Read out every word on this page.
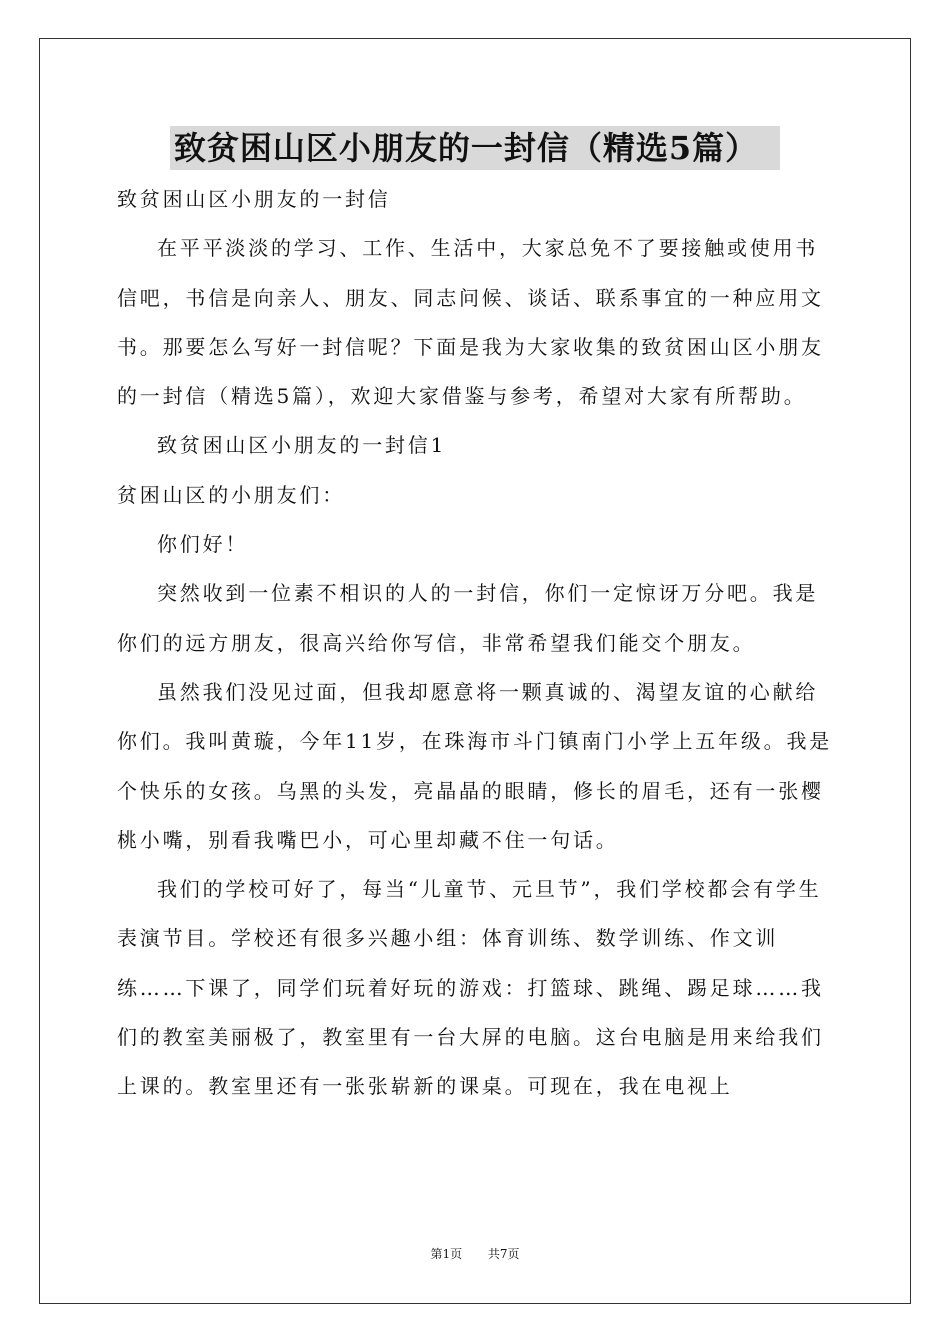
致贫困山区小朋友的一封信（精选5篇）

致贫困山区小朋友的一封信

在平平淡淡的学习、工作、生活中，大家总免不了要接触或使用书信吧，书信是向亲人、朋友、同志问候、谈话、联系事宜的一种应用文书。那要怎么写好一封信呢？下面是我为大家收集的致贫困山区小朋友的一封信（精选5篇），欢迎大家借鉴与参考，希望对大家有所帮助。

致贫困山区小朋友的一封信1

贫困山区的小朋友们：

你们好！

突然收到一位素不相识的人的一封信，你们一定惊讶万分吧。我是你们的远方朋友，很高兴给你写信，非常希望我们能交个朋友。

虽然我们没见过面，但我却愿意将一颗真诚的、渴望友谊的心献给你们。我叫黄璇，今年11岁，在珠海市斗门镇南门小学上五年级。我是个快乐的女孩。乌黑的头发，亮晶晶的眼睛，修长的眉毛，还有一张樱桃小嘴，别看我嘴巴小，可心里却藏不住一句话。

我们的学校可好了，每当“儿童节、元旦节”，我们学校都会有学生表演节目。学校还有很多兴趣小组：体育训练、数学训练、作文训练……下课了，同学们玩着好玩的游戏：打篮球、跳绳、踢足球……我们的教室美丽极了，教室里有一台大屏的电脑。这台电脑是用来给我们上课的。教室里还有一张张崭新的课桌。可现在，我在电视上

第1页 共7页
